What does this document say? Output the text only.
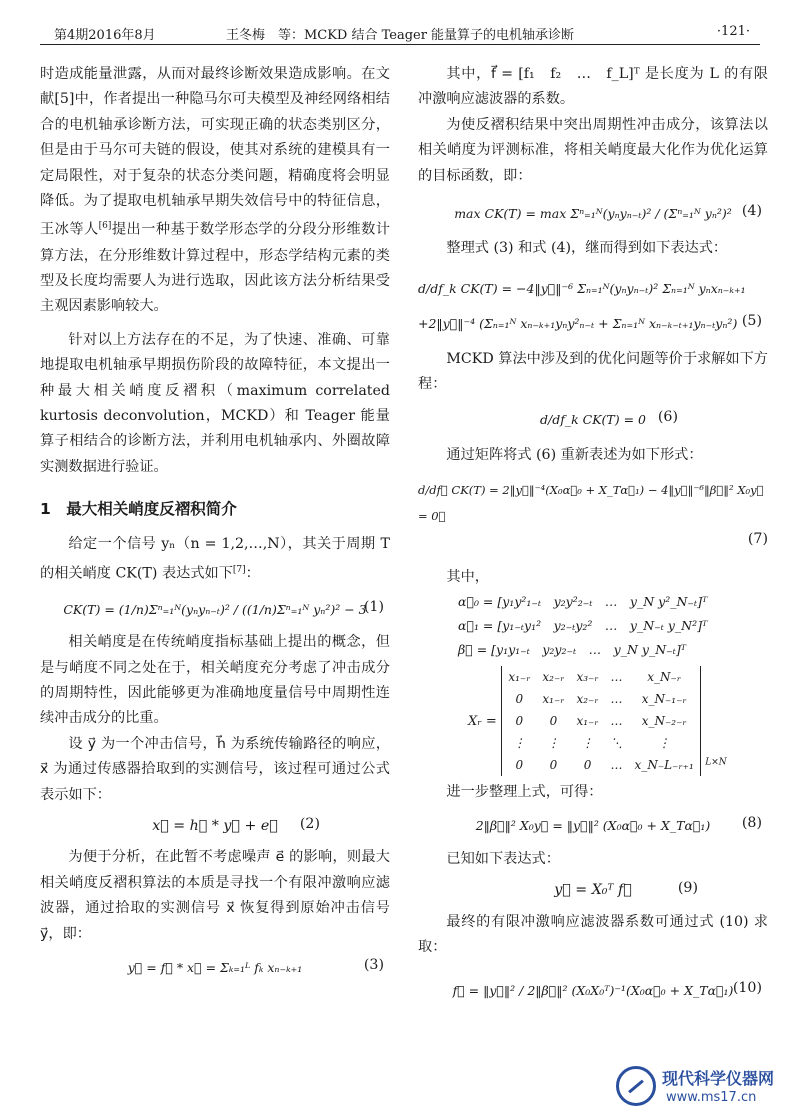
第4期2016年8月	王冬梅　等：MCKD 结合 Teager 能量算子的电机轴承诊断	·121·

时造成能量泄露，从而对最终诊断效果造成影响。在文献[5]中，作者提出一种隐马尔可夫模型及神经网络相结合的电机轴承诊断方法，可实现正确的状态类别区分，但是由于马尔可夫链的假设，使其对系统的建模具有一定局限性，对于复杂的状态分类问题，精确度将会明显降低。为了提取电机轴承早期失效信号中的特征信息，王冰等人[6]提出一种基于数学形态学的分段分形维数计算方法，在分形维数计算过程中，形态学结构元素的类型及长度均需要人为进行选取，因此该方法分析结果受主观因素影响较大。

针对以上方法存在的不足，为了快速、准确、可靠地提取电机轴承早期损伤阶段的故障特征，本文提出一种最大相关峭度反褶积（maximum correlated kurtosis deconvolution，MCKD）和 Teager 能量算子相结合的诊断方法，并利用电机轴承内、外圈故障实测数据进行验证。

1　最大相关峭度反褶积简介

给定一个信号 yₙ（n = 1,2,…,N），其关于周期 T 的相关峭度 CK(T) 表达式如下[7]：

CK(T) = (1/n)Σⁿ₌₁ᴺ(yₙyₙ₋ₜ)² / ((1/n)Σⁿ₌₁ᴺ yₙ²)² − 3
(1)

相关峭度是在传统峭度指标基础上提出的概念，但是与峭度不同之处在于，相关峭度充分考虑了冲击成分的周期特性，因此能够更为准确地度量信号中周期性连续冲击成分的比重。

设 y⃗ 为一个冲击信号，h⃗ 为系统传输路径的响应，x⃗ 为通过传感器拾取到的实测信号，该过程可通过公式表示如下：

x⃗ = h⃗ * y⃗ + e⃗	(2)

为便于分析，在此暂不考虑噪声 e⃗ 的影响，则最大相关峭度反褶积算法的本质是寻找一个有限冲激响应滤波器，通过拾取的实测信号 x⃗ 恢复得到原始冲击信号 y⃗，即：

y⃗ = f⃗ * x⃗ = Σₖ₌₁ᴸ fₖ xₙ₋ₖ₊₁	(3)

其中，f⃗ = [f₁　f₂　…　f_L]ᵀ 是长度为 L 的有限冲激响应滤波器的系数。

为使反褶积结果中突出周期性冲击成分，该算法以相关峭度为评测标准，将相关峭度最大化作为优化运算的目标函数，即：

max CK(T) = max Σⁿ₌₁ᴺ(yₙyₙ₋ₜ)² / (Σⁿ₌₁ᴺ yₙ²)² (4)

整理式 (3) 和式 (4)，继而得到如下表达式：

d/df_k CK(T) = −4‖y⃗‖⁻⁶ Σₙ₌₁ᴺ(yₙyₙ₋ₜ)² Σₙ₌₁ᴺ yₙxₙ₋ₖ₊₁
+2‖y⃗‖⁻⁴ (Σₙ₌₁ᴺ xₙ₋ₖ₊₁yₙy²ₙ₋ₜ + Σₙ₌₁ᴺ xₙ₋ₖ₋ₜ₊₁yₙ₋ₜyₙ²) (5)

MCKD 算法中涉及到的优化问题等价于求解如下方程：

d/df_k CK(T) = 0 (6)

通过矩阵将式 (6) 重新表述为如下形式：

d/df⃗ CK(T) = 2‖y⃗‖⁻⁴(X₀α⃗₀ + X_Tα⃗₁) − 4‖y⃗‖⁻⁶‖β⃗‖² X₀y⃗ = 0⃗
(7)

其中，

α⃗₀ = [y₁y²₁₋ₜ　y₂y²₂₋ₜ　…　y_N y²_N₋ₜ]ᵀ
α⃗₁ = [y₁₋ₜy₁²　y₂₋ₜy₂²　…　y_N₋ₜ y_N²]ᵀ
β⃗ = [y₁y₁₋ₜ　y₂y₂₋ₜ　…　y_N y_N₋ₜ]ᵀ
Xᵣ = x₁₋ᵣ	x₂₋ᵣ	x₃₋ᵣ	…	x_N₋ᵣ
0	x₁₋ᵣ	x₂₋ᵣ	…	x_N₋₁₋ᵣ
0	0	x₁₋ᵣ	…	x_N₋₂₋ᵣ
⋮	⋮	⋮	⋱	⋮
0	0	0	…	x_N₋L₋ᵣ₊₁ L×N

进一步整理上式，可得：

2‖β⃗‖² X₀y⃗ = ‖y⃗‖² (X₀α⃗₀ + X_Tα⃗₁)	(8)

已知如下表达式：

y⃗ = X₀ᵀ f⃗	(9)

最终的有限冲激响应滤波器系数可通过式 (10) 求取：

f⃗ = ‖y⃗‖² / 2‖β⃗‖² (X₀X₀ᵀ)⁻¹(X₀α⃗₀ + X_Tα⃗₁) (10)
现代科学仪器网
www.ms17.cn
